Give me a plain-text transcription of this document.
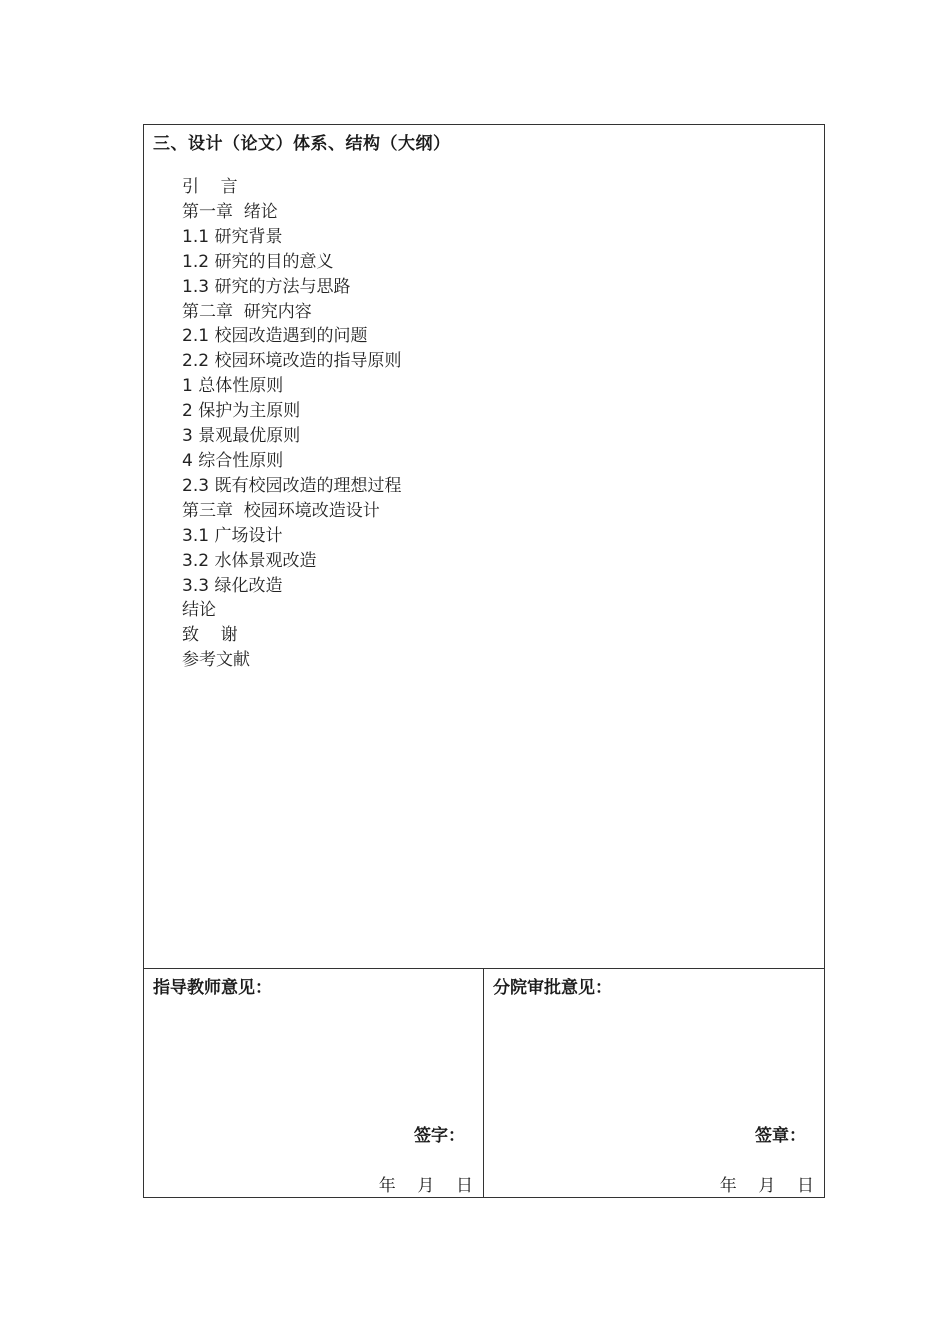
三、设计（论文）体系、结构（大纲）
引    言
第一章  绪论
1.1 研究背景
1.2 研究的目的意义
1.3 研究的方法与思路
第二章  研究内容
2.1 校园改造遇到的问题
2.2 校园环境改造的指导原则
1 总体性原则
2 保护为主原则
3 景观最优原则
4 综合性原则
2.3 既有校园改造的理想过程
第三章  校园环境改造设计
3.1 广场设计
3.2 水体景观改造
3.3 绿化改造
结论
致    谢
参考文献
指导教师意见：
签字：
年    月    日
分院审批意见：
签章：
年    月    日
